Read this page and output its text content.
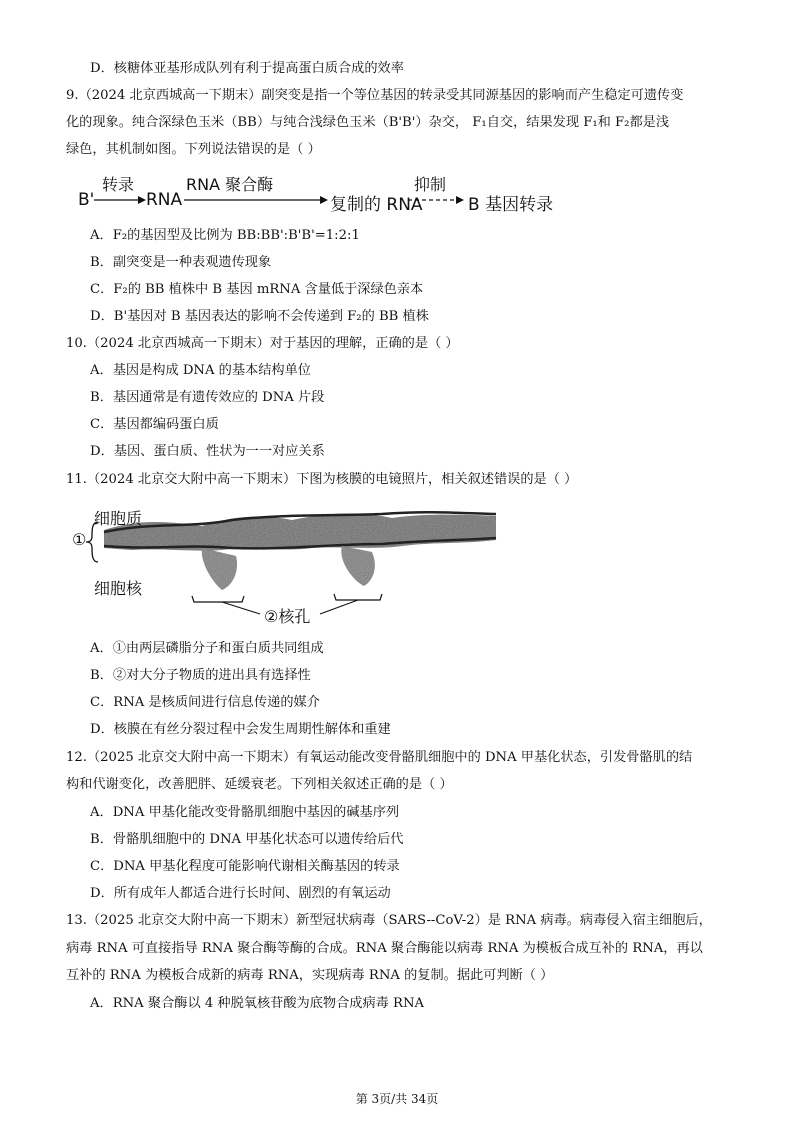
D．核糖体亚基形成队列有利于提高蛋白质合成的效率
9.（2024 北京西城高一下期末）副突变是指一个等位基因的转录受其同源基因的影响而产生稳定可遗传变
化的现象。纯合深绿色玉米（BB）与纯合浅绿色玉米（B'B'）杂交， F₁自交，结果发现 F₁和 F₂都是浅
绿色，其机制如图。下列说法错误的是（ ）
B'
转录
RNA
RNA 聚合酶
复制的 RNA
抑制
B 基因转录
A．F₂的基因型及比例为 BB:BB':B'B'=1:2:1
B．副突变是一种表观遗传现象
C．F₂的 BB 植株中 B 基因 mRNA 含量低于深绿色亲本
D．B'基因对 B 基因表达的影响不会传递到 F₂的 BB 植株
10.（2024 北京西城高一下期末）对于基因的理解，正确的是（ ）
A．基因是构成 DNA 的基本结构单位
B．基因通常是有遗传效应的 DNA 片段
C．基因都编码蛋白质
D．基因、蛋白质、性状为一一对应关系
11.（2024 北京交大附中高一下期末）下图为核膜的电镜照片，相关叙述错误的是（ ）
细胞质
①
细胞核
②核孔
A．①由两层磷脂分子和蛋白质共同组成
B．②对大分子物质的进出具有选择性
C．RNA 是核质间进行信息传递的媒介
D．核膜在有丝分裂过程中会发生周期性解体和重建
12.（2025 北京交大附中高一下期末）有氧运动能改变骨骼肌细胞中的 DNA 甲基化状态，引发骨骼肌的结
构和代谢变化，改善肥胖、延缓衰老。下列相关叙述正确的是（ ）
A．DNA 甲基化能改变骨骼肌细胞中基因的碱基序列
B．骨骼肌细胞中的 DNA 甲基化状态可以遗传给后代
C．DNA 甲基化程度可能影响代谢相关酶基因的转录
D．所有成年人都适合进行长时间、剧烈的有氧运动
13.（2025 北京交大附中高一下期末）新型冠状病毒（SARS--CoV-2）是 RNA 病毒。病毒侵入宿主细胞后，
病毒 RNA 可直接指导 RNA 聚合酶等酶的合成。RNA 聚合酶能以病毒 RNA 为模板合成互补的 RNA，再以
互补的 RNA 为模板合成新的病毒 RNA，实现病毒 RNA 的复制。据此可判断（ ）
A．RNA 聚合酶以 4 种脱氧核苷酸为底物合成病毒 RNA
第 3页/共 34页
